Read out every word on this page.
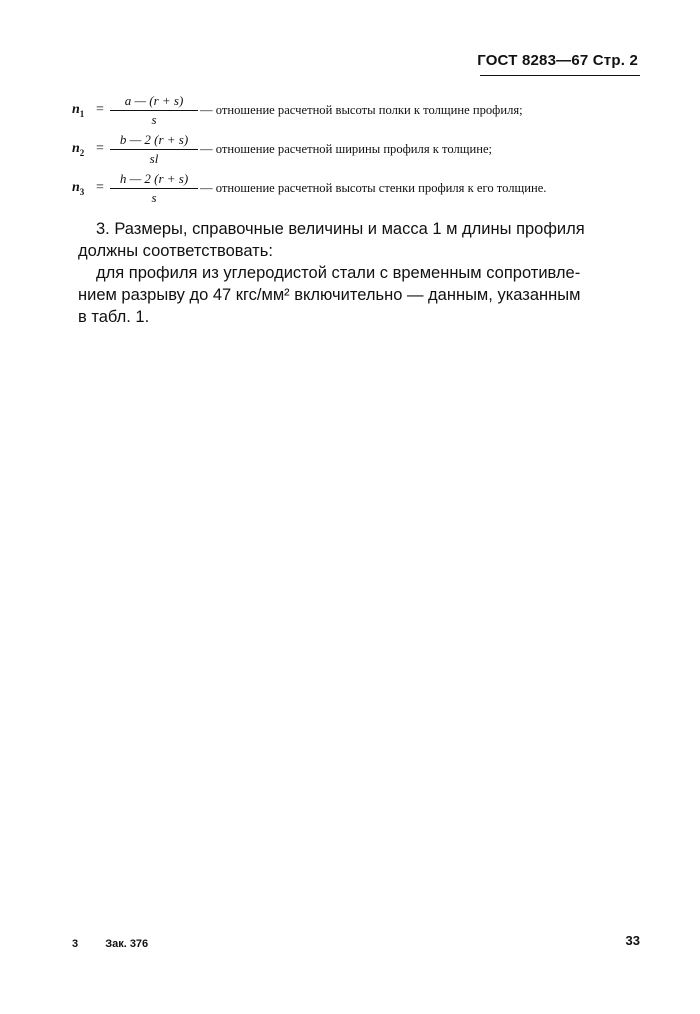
ГОСТ 8283—67 Стр. 2
$n_1 = \frac{a — (r + s)}{s}$ — отношение расчетной высоты полки к толщине профиля;
$n_2 = \frac{b — 2 (r + s)}{sl}$ — отношение расчетной ширины профиля к толщине;
$n_3 = \frac{h — 2 (r + s)}{s}$ — отношение расчетной высоты стенки профиля к его толщине.
3. Размеры, справочные величины и масса 1 м длины профиля
должны соответствовать:
для профиля из углеродистой стали с временным сопротивле-
нием разрыву до 47 кгс/мм² включительно — данным, указанным
в табл. 1.
3 Зак. 376	33
